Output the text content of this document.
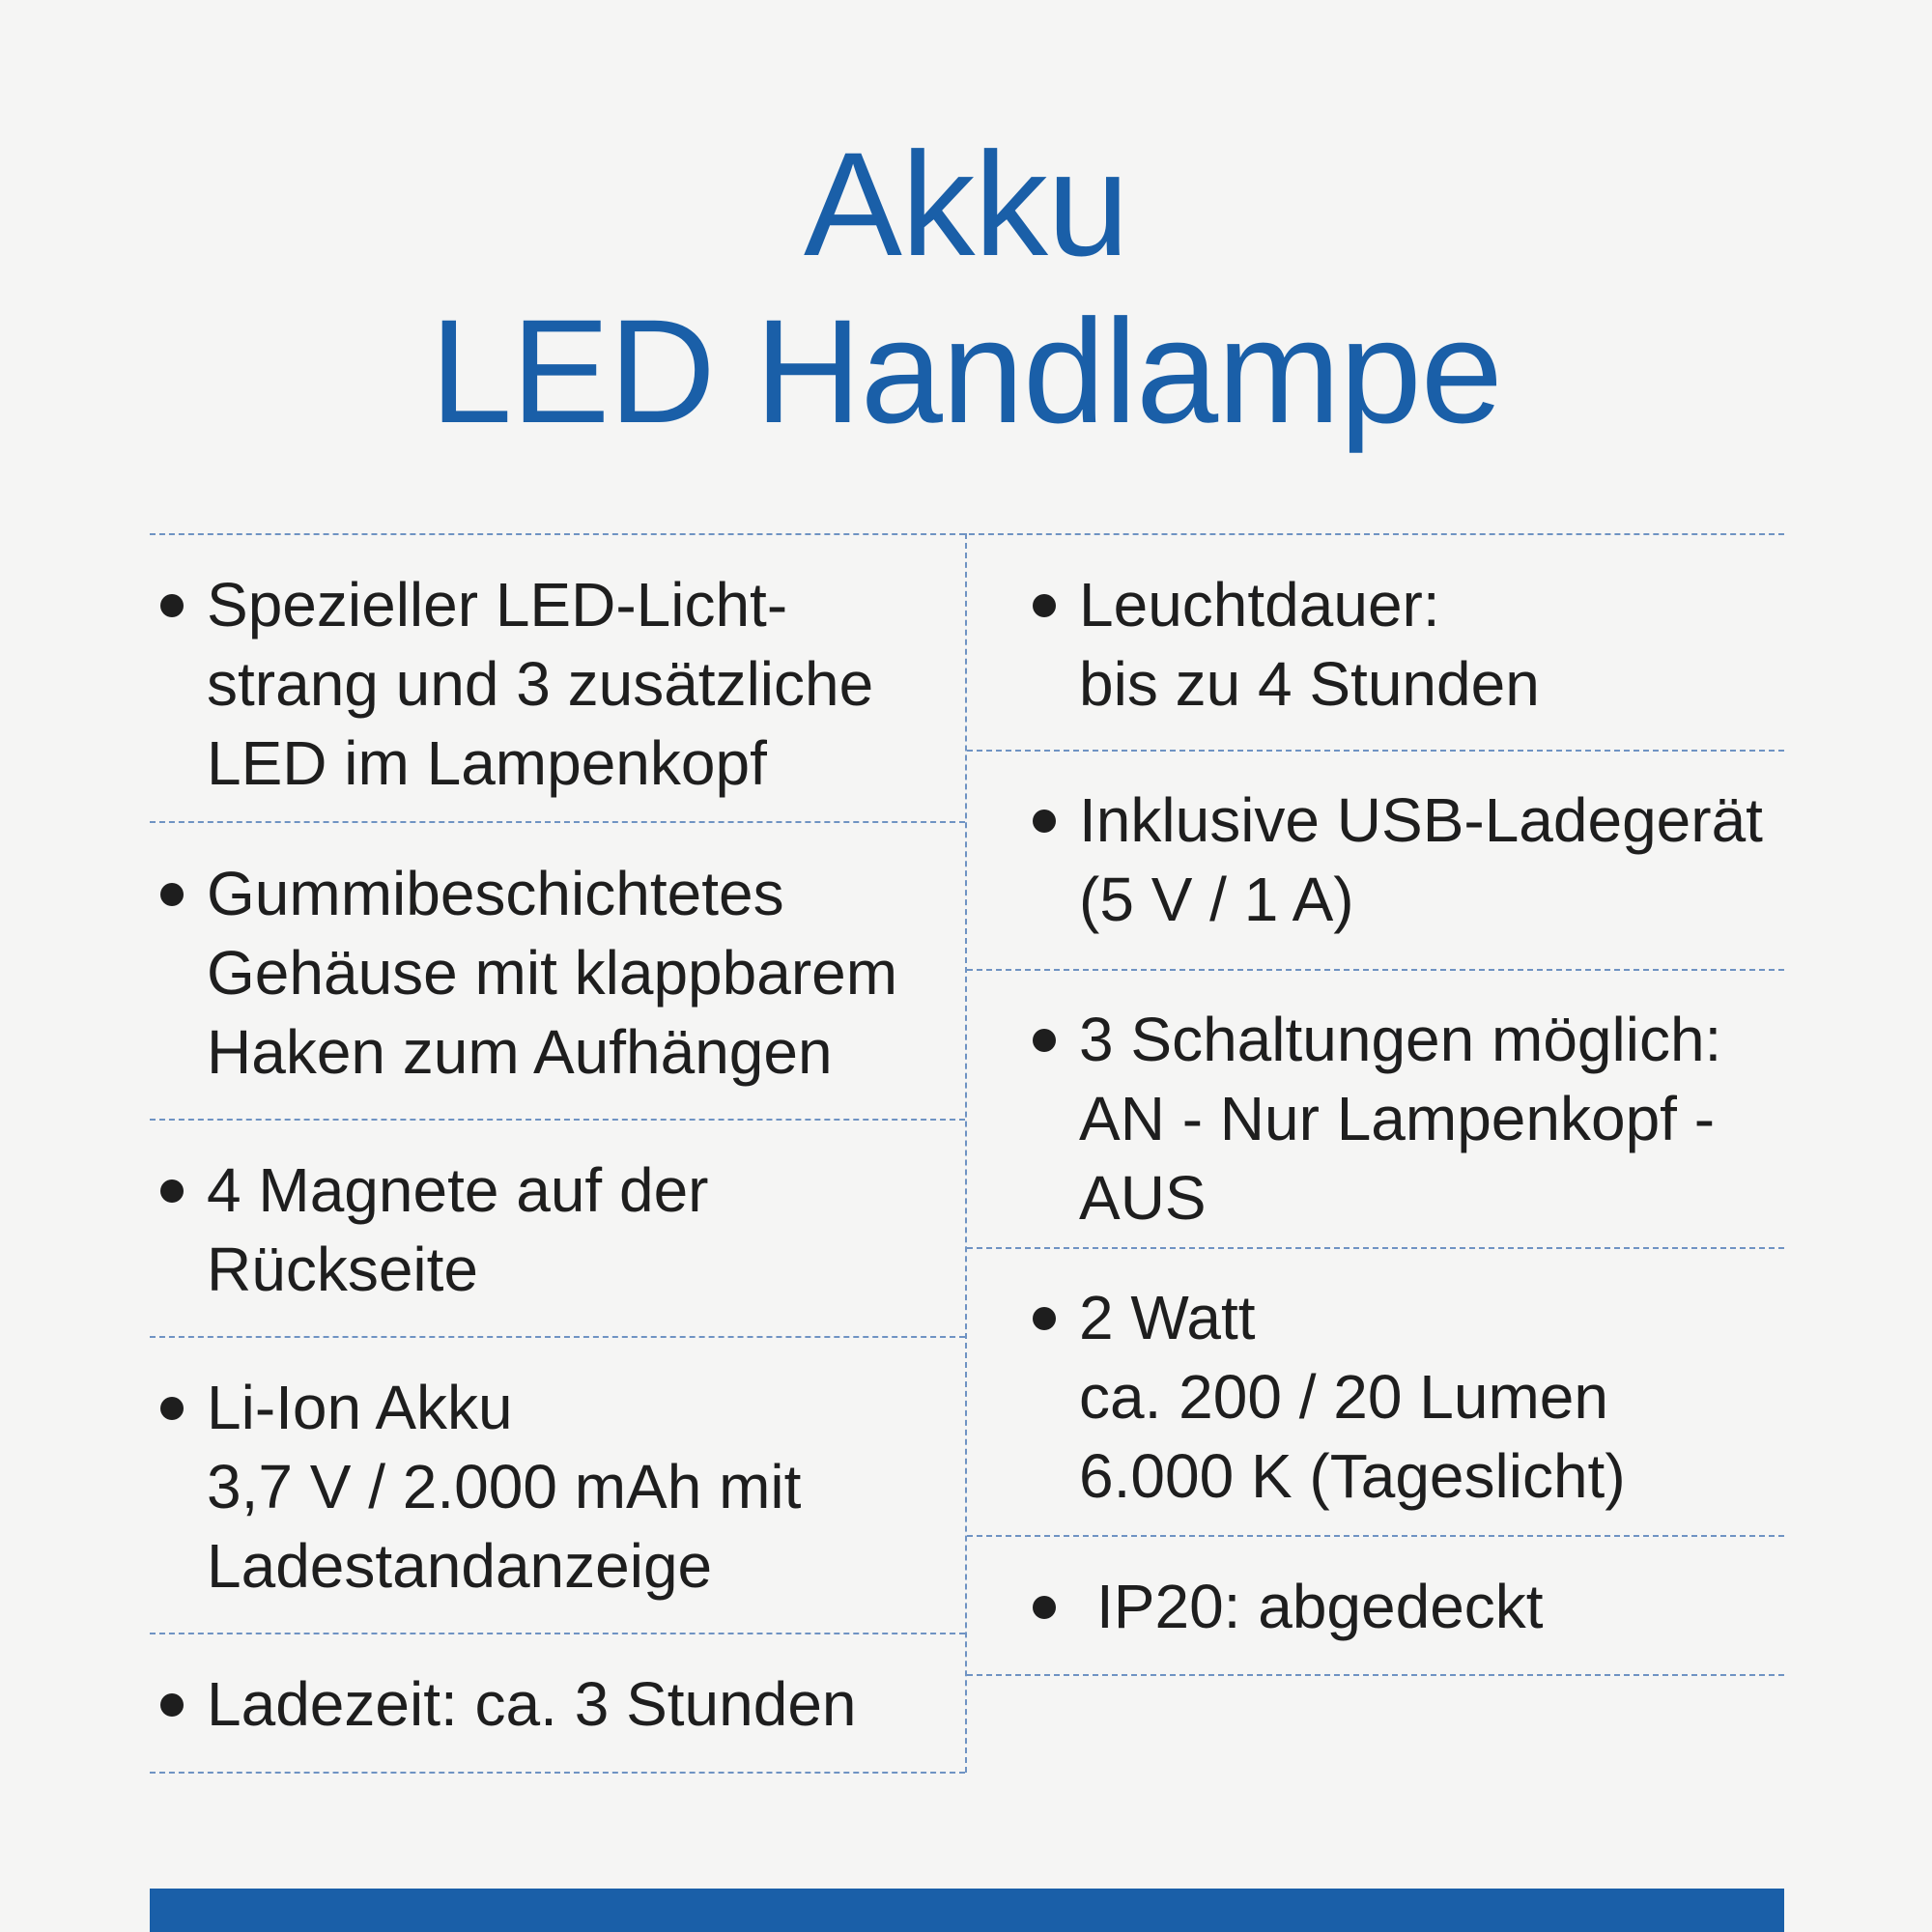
Akku
LED Handlampe
Spezieller LED-Licht-
strang und 3 zusätzliche
LED im Lampenkopf
Gummibeschichtetes
Gehäuse mit klappbarem
Haken zum Aufhängen
4 Magnete auf der
Rückseite
Li-Ion Akku
3,7 V / 2.000 mAh mit
Ladestandanzeige
Ladezeit: ca. 3 Stunden
Leuchtdauer:
bis zu 4 Stunden
Inklusive USB-Ladegerät
(5 V / 1 A)
3 Schaltungen möglich:
AN - Nur Lampenkopf -
AUS
2 Watt
ca. 200 / 20 Lumen
6.000 K (Tageslicht)
IP20: abgedeckt
